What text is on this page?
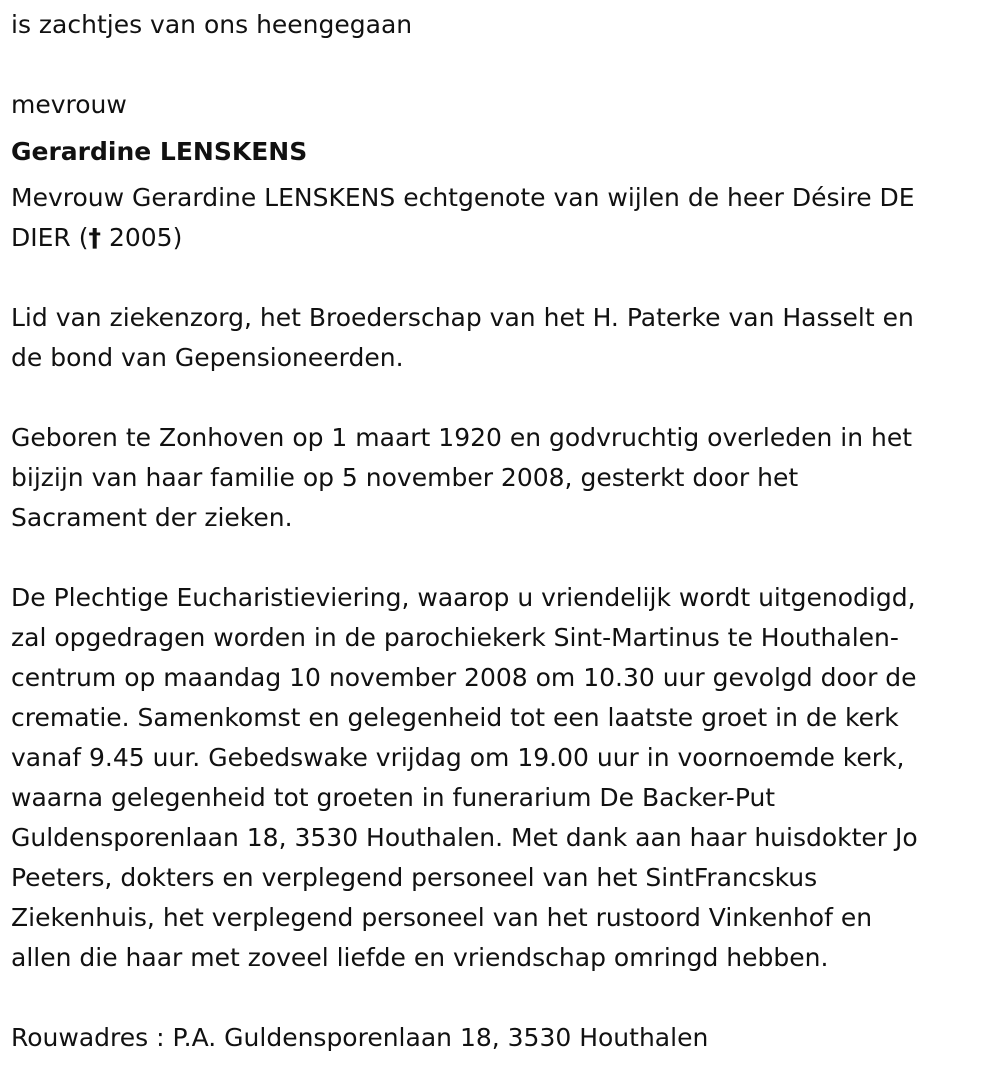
is zachtjes van ons heengegaan

mevrouw

Gerardine LENSKENS

Mevrouw Gerardine LENSKENS echtgenote van wijlen de heer Désire DE
DIER († 2005)
Lid van ziekenzorg, het Broederschap van het H. Paterke van Hasselt en
de bond van Gepensioneerden.
Geboren te Zonhoven op 1 maart 1920 en godvruchtig overleden in het
bijzijn van haar familie op 5 november 2008, gesterkt door het
Sacrament der zieken.
De Plechtige Eucharistieviering, waarop u vriendelijk wordt uitgenodigd,
zal opgedragen worden in de parochiekerk Sint-Martinus te Houthalen-
centrum op maandag 10 november 2008 om 10.30 uur gevolgd door de
crematie. Samenkomst en gelegenheid tot een laatste groet in de kerk
vanaf 9.45 uur. Gebedswake vrijdag om 19.00 uur in voornoemde kerk,
waarna gelegenheid tot groeten in funerarium De Backer-Put
Guldensporenlaan 18, 3530 Houthalen. Met dank aan haar huisdokter Jo
Peeters, dokters en verplegend personeel van het SintFrancskus
Ziekenhuis, het verplegend personeel van het rustoord Vinkenhof en
allen die haar met zoveel liefde en vriendschap omringd hebben.

Rouwadres : P.A. Guldensporenlaan 18, 3530 Houthalen
